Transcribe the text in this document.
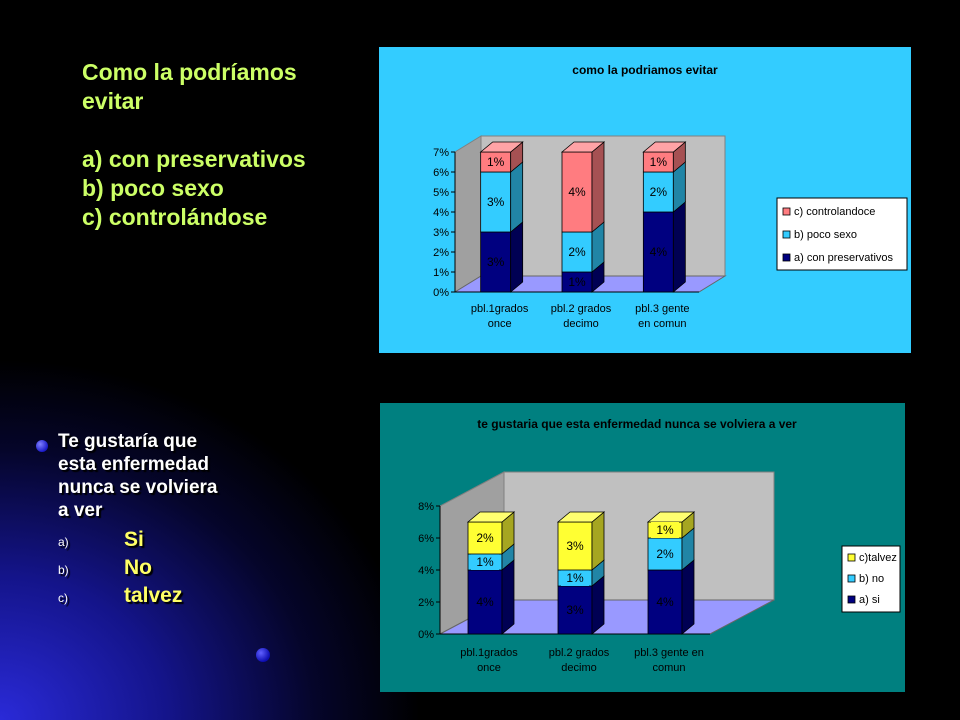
Como la podríamos
evitar
a) con preservativos
b) poco sexo
c) controlándose
Te gustaría que
esta enfermedad
nunca se volviera
a ver
a)	Si
b)	No
c)	talvez
como la podriamos evitar
0%
1%
2%
3%
4%
5%
6%
7%
3%
3%
1%
pbl.1grados
once
1%
2%
4%
pbl.2 grados
decimo
4%
2%
1%
pbl.3 gente
en comun
c) controlandoce
b) poco sexo
a) con preservativos
te gustaria que esta enfermedad nunca se volviera a ver
0%
2%
4%
6%
8%
4%
1%
2%
pbl.1grados
once
3%
1%
3%
pbl.2 grados
decimo
4%
2%
1%
pbl.3 gente en
comun
c)talvez
b) no
a) si
